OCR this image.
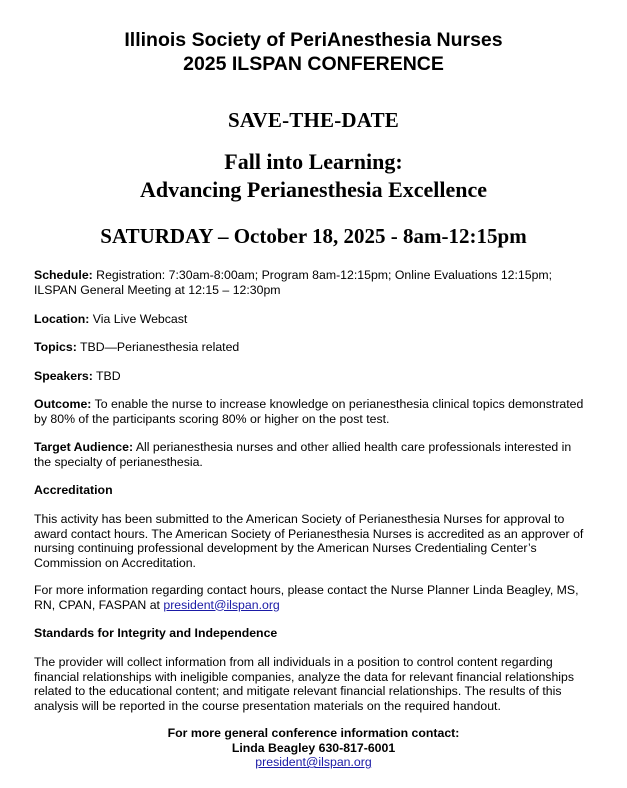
Illinois Society of PeriAnesthesia Nurses
2025 ILSPAN CONFERENCE
SAVE-THE-DATE
Fall into Learning:
Advancing Perianesthesia Excellence
SATURDAY – October 18, 2025 - 8am-12:15pm
Schedule: Registration: 7:30am-8:00am; Program 8am-12:15pm; Online Evaluations 12:15pm;
ILSPAN General Meeting at 12:15 – 12:30pm
Location: Via Live Webcast
Topics: TBD—Perianesthesia related
Speakers: TBD
Outcome: To enable the nurse to increase knowledge on perianesthesia clinical topics demonstrated
by 80% of the participants scoring 80% or higher on the post test.
Target Audience: All perianesthesia nurses and other allied health care professionals interested in
the specialty of perianesthesia.
Accreditation
This activity has been submitted to the American Society of Perianesthesia Nurses for approval to
award contact hours. The American Society of Perianesthesia Nurses is accredited as an approver of
nursing continuing professional development by the American Nurses Credentialing Center’s
Commission on Accreditation.
For more information regarding contact hours, please contact the Nurse Planner Linda Beagley, MS,
RN, CPAN, FASPAN at president@ilspan.org
Standards for Integrity and Independence
The provider will collect information from all individuals in a position to control content regarding
financial relationships with ineligible companies, analyze the data for relevant financial relationships
related to the educational content; and mitigate relevant financial relationships. The results of this
analysis will be reported in the course presentation materials on the required handout.
For more general conference information contact:
Linda Beagley 630-817-6001
president@ilspan.org
